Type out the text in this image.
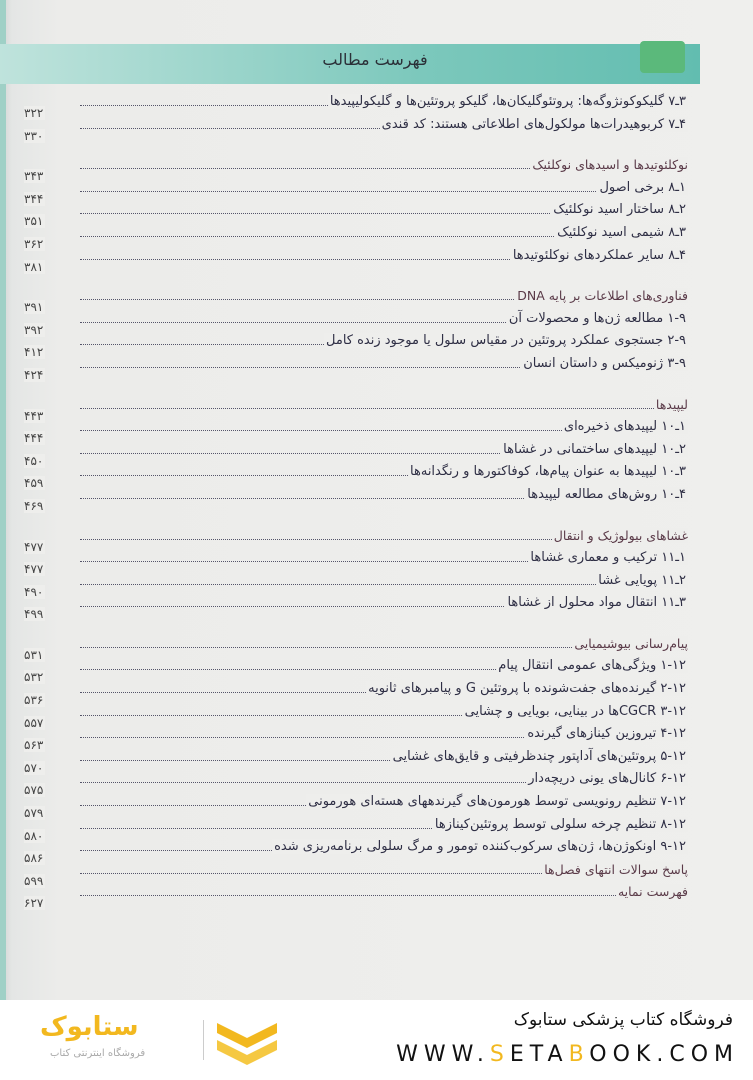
فهرست مطالب
۳ـ۷ گلیکوکونژوگه‌ها: پروتئوگلیکان‌ها، گلیکو پروتئین‌ها و گلیکولیپیدها
۳۲۲
۴ـ۷ کربوهیدرات‌ها مولکول‌های اطلاعاتی هستند: کد قندی
۳۳۰
نوکلئوتیدها و اسیدهای نوکلئیک
۳۴۳
۱ـ۸ برخی اصول
۳۴۴
۲ـ۸ ساختار اسید نوکلئیک
۳۵۱
۳ـ۸ شیمی اسید نوکلئیک
۳۶۲
۴ـ۸ سایر عملکردهای نوکلئوتیدها
۳۸۱
فناوری‌های اطلاعات بر پایه DNA
۳۹۱
۱-۹ مطالعه ژن‌ها و محصولات آن
۳۹۲
۲-۹ جستجوی عملکرد پروتئین در مقیاس سلول یا موجود زنده کامل
۴۱۲
۳-۹ ژنومیکس و داستان انسان
۴۲۴
لیپیدها
۴۴۳
۱ـ۱۰ لیپیدهای ذخیره‌ای
۴۴۴
۲ـ۱۰ لیپیدهای ساختمانی در غشاها
۴۵۰
۳ـ۱۰ لیپیدها به عنوان پیام‌ها، کوفاکتورها و رنگدانه‌ها
۴۵۹
۴ـ۱۰ روش‌های مطالعه لیپیدها
۴۶۹
غشاهای بیولوژیک و انتقال
۴۷۷
۱ـ۱۱ ترکیب و معماری غشاها
۴۷۷
۲ـ۱۱ پویایی غشا
۴۹۰
۳ـ۱۱ انتقال مواد محلول از غشاها
۴۹۹
پیام‌رسانی بیوشیمیایی
۵۳۱
۱-۱۲ ویژگی‌های عمومی انتقال پیام
۵۳۲
۲-۱۲ گیرنده‌های جفت‌شونده با پروتئین G و پیامبرهای ثانویه
۵۳۶
۳-۱۲ CGCRها در بینایی، بویایی و چشایی
۵۵۷
۴-۱۲ تیروزین کینازهای گیرنده
۵۶۳
۵-۱۲ پروتئین‌های آداپتور چندظرفیتی و قایق‌های غشایی
۵۷۰
۶-۱۲ کانال‌های یونی دریچه‌دار
۵۷۵
۷-۱۲ تنظیم رونویسی توسط هورمون‌های گیرندههای هسته‌ای هورمونی
۵۷۹
۸-۱۲ تنظیم چرخه سلولی توسط پروتئین‌کینازها
۵۸۰
۹-۱۲ اونکوژن‌ها، ژن‌های سرکوب‌کننده تومور و مرگ سلولی برنامه‌ریزی شده
۵۸۶
پاسخ سوالات انتهای فصل‌ها
۵۹۹
فهرست نمایه
۶۲۷
ستابوک
فروشگاه اینترنتی کتاب
فروشگاه کتاب پزشکی ستابوک
WWW.SETABOOK.COM
